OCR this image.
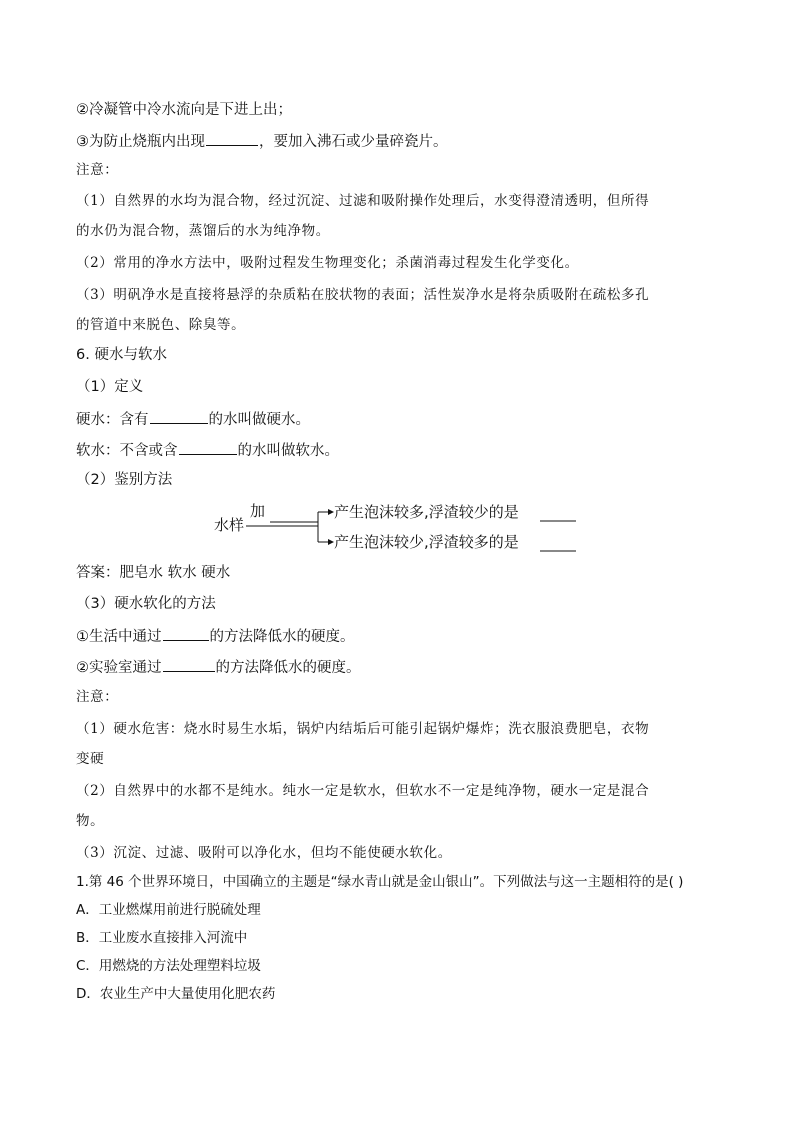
②冷凝管中冷水流向是下进上出；
③为防止烧瓶内出现	，要加入沸石或少量碎瓷片。
注意：
（1）自然界的水均为混合物，经过沉淀、过滤和吸附操作处理后，水变得澄清透明，但所得
的水仍为混合物，蒸馏后的水为纯净物。
（2）常用的净水方法中，吸附过程发生物理变化；杀菌消毒过程发生化学变化。
（3）明矾净水是直接将悬浮的杂质粘在胶状物的表面；活性炭净水是将杂质吸附在疏松多孔
的管道中来脱色、除臭等。
6. 硬水与软水
（1）定义
硬水：含有	的水叫做硬水。
软水：不含或含	的水叫做软水。
（2）鉴别方法
水样
加	产生泡沫较多,浮渣较少的是
产生泡沫较少,浮渣较多的是
答案：肥皂水 软水 硬水
（3）硬水软化的方法
①生活中通过	的方法降低水的硬度。
②实验室通过	的方法降低水的硬度。
注意：
（1）硬水危害：烧水时易生水垢，锅炉内结垢后可能引起锅炉爆炸；洗衣服浪费肥皂，衣物
变硬
（2）自然界中的水都不是纯水。纯水一定是软水，但软水不一定是纯净物，硬水一定是混合
物。
（3）沉淀、过滤、吸附可以净化水，但均不能使硬水软化。
1.第 46 个世界环境日，中国确立的主题是“绿水青山就是金山银山”。下列做法与这一主题相符的是( )
A．工业燃煤用前进行脱硫处理
B．工业废水直接排入河流中
C．用燃烧的方法处理塑料垃圾
D．农业生产中大量使用化肥农药
